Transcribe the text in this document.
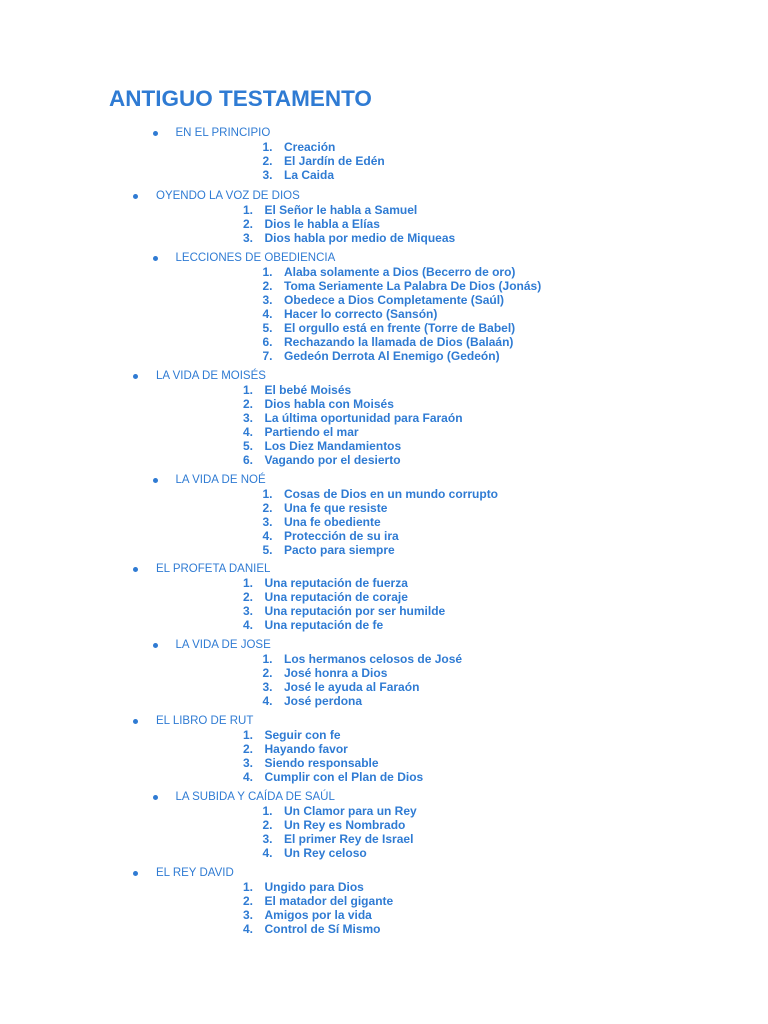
ANTIGUO TESTAMENTO
EN EL PRINCIPIO
1. Creación
2. El Jardín de Edén
3. La Caida
OYENDO LA VOZ DE DIOS
1. El Señor le habla a Samuel
2. Dios le habla a Elías
3. Dios habla por medio de Miqueas
LECCIONES DE OBEDIENCIA
1. Alaba solamente a Dios (Becerro de oro)
2. Toma Seriamente La Palabra De Dios (Jonás)
3. Obedece a Dios Completamente (Saúl)
4. Hacer lo correcto (Sansón)
5. El orgullo está en frente (Torre de Babel)
6. Rechazando la llamada de Dios (Balaán)
7. Gedeón Derrota Al Enemigo (Gedeón)
LA VIDA DE MOISÉS
1. El bebé Moisés
2. Dios habla con Moisés
3. La última oportunidad para Faraón
4. Partiendo el mar
5. Los Diez Mandamientos
6. Vagando por el desierto
LA VIDA DE NOÉ
1. Cosas de Dios en un mundo corrupto
2. Una fe que resiste
3. Una fe obediente
4. Protección de su ira
5. Pacto para siempre
EL PROFETA DANIEL
1. Una reputación de fuerza
2. Una reputación de coraje
3. Una reputación por ser humilde
4. Una reputación de fe
LA VIDA DE JOSE
1. Los hermanos celosos de José
2. José honra a Dios
3. José le ayuda al Faraón
4. José perdona
EL LIBRO DE RUT
1. Seguir con fe
2. Hayando favor
3. Siendo responsable
4. Cumplir con el Plan de Dios
LA SUBIDA Y CAÍDA DE SAÚL
1. Un Clamor para un Rey
2. Un Rey es Nombrado
3. El primer Rey de Israel
4. Un Rey celoso
EL REY DAVID
1. Ungido para Dios
2. El matador del gigante
3. Amigos por la vida
4. Control de Sí Mismo
